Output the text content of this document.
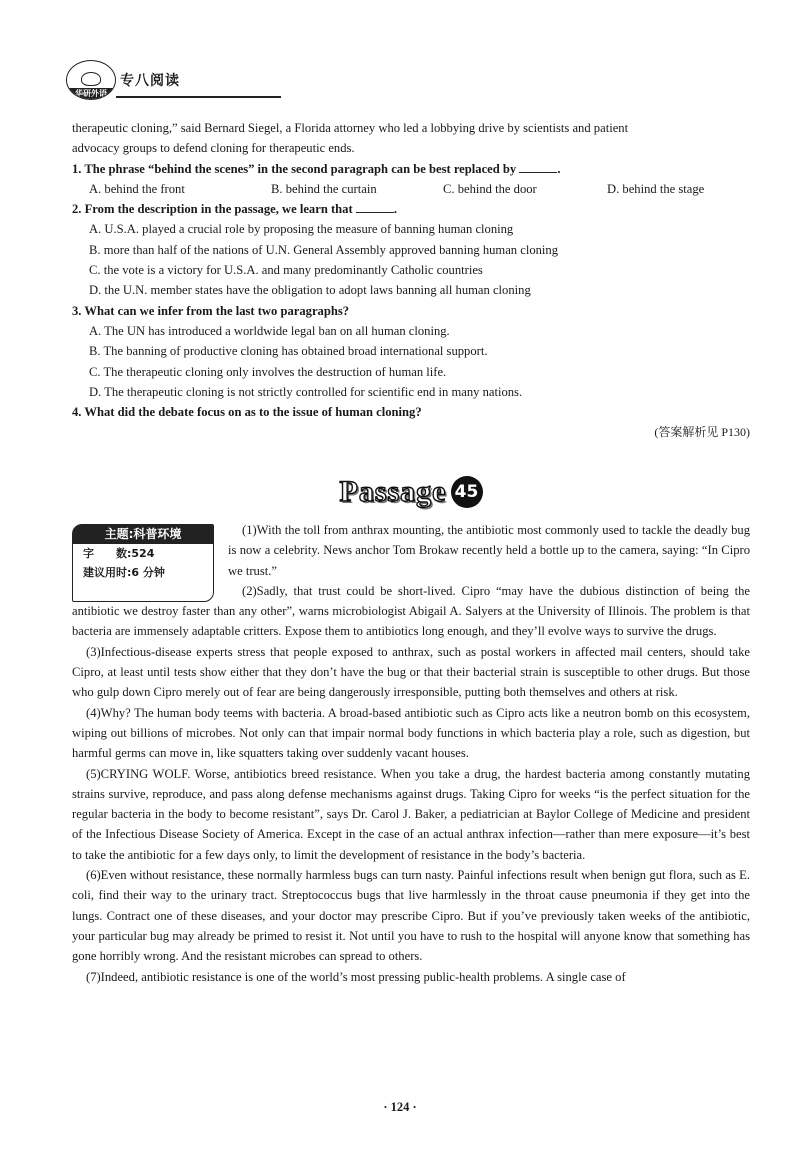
华研外语
专八阅读

therapeutic cloning,” said Bernard Siegel, a Florida attorney who led a lobbying drive by scientists and patient

advocacy groups to defend cloning for therapeutic ends.

1. The phrase “behind the scenes” in the second paragraph can be best replaced by	.

A. behind the front	B. behind the curtain	C. behind the door	D. behind the stage

2. From the description in the passage, we learn that	.

A. U.S.A. played a crucial role by proposing the measure of banning human cloning

B. more than half of the nations of U.N. General Assembly approved banning human cloning

C. the vote is a victory for U.S.A. and many predominantly Catholic countries

D. the U.N. member states have the obligation to adopt laws banning all human cloning

3. What can we infer from the last two paragraphs?

A. The UN has introduced a worldwide legal ban on all human cloning.

B. The banning of productive cloning has obtained broad international support.

C. The therapeutic cloning only involves the destruction of human life.

D. The therapeutic cloning is not strictly controlled for scientific end in many nations.

4. What did the debate focus on as to the issue of human cloning?

(答案解析见 P130)

Passage 45
主题:科普环境
字　　数:524
建议用时:6 分钟

(1)With the toll from anthrax mounting, the antibiotic most commonly used to tackle the deadly bug is now a celebrity. News anchor Tom Brokaw recently held a bottle up to the camera, saying: “In Cipro we trust.”

(2)Sadly, that trust could be short-lived. Cipro “may have the dubious distinction of being the antibiotic we destroy faster than any other”, warns microbiologist Abigail A. Salyers at the University of Illinois. The problem is that bacteria are immensely adaptable critters. Expose them to antibiotics long enough, and they’ll evolve ways to survive the drugs.

(3)Infectious-disease experts stress that people exposed to anthrax, such as postal workers in affected mail centers, should take Cipro, at least until tests show either that they don’t have the bug or that their bacterial strain is susceptible to other drugs. But those who gulp down Cipro merely out of fear are being dangerously irresponsible, putting both themselves and others at risk.

(4)Why? The human body teems with bacteria. A broad-based antibiotic such as Cipro acts like a neutron bomb on this ecosystem, wiping out billions of microbes. Not only can that impair normal body functions in which bacteria play a role, such as digestion, but harmful germs can move in, like squatters taking over suddenly vacant houses.

(5)CRYING WOLF. Worse, antibiotics breed resistance. When you take a drug, the hardest bacteria among constantly mutating strains survive, reproduce, and pass along defense mechanisms against drugs. Taking Cipro for weeks “is the perfect situation for the regular bacteria in the body to become resistant”, says Dr. Carol J. Baker, a pediatrician at Baylor College of Medicine and president of the Infectious Disease Society of America. Except in the case of an actual anthrax infection—rather than mere exposure—it’s best to take the antibiotic for a few days only, to limit the development of resistance in the body’s bacteria.

(6)Even without resistance, these normally harmless bugs can turn nasty. Painful infections result when benign gut flora, such as E. coli, find their way to the urinary tract. Streptococcus bugs that live harmlessly in the throat cause pneumonia if they get into the lungs. Contract one of these diseases, and your doctor may prescribe Cipro. But if you’ve previously taken weeks of the antibiotic, your particular bug may already be primed to resist it. Not until you have to rush to the hospital will anyone know that something has gone horribly wrong. And the resistant microbes can spread to others.

(7)Indeed, antibiotic resistance is one of the world’s most pressing public-health problems. A single case of

· 124 ·
